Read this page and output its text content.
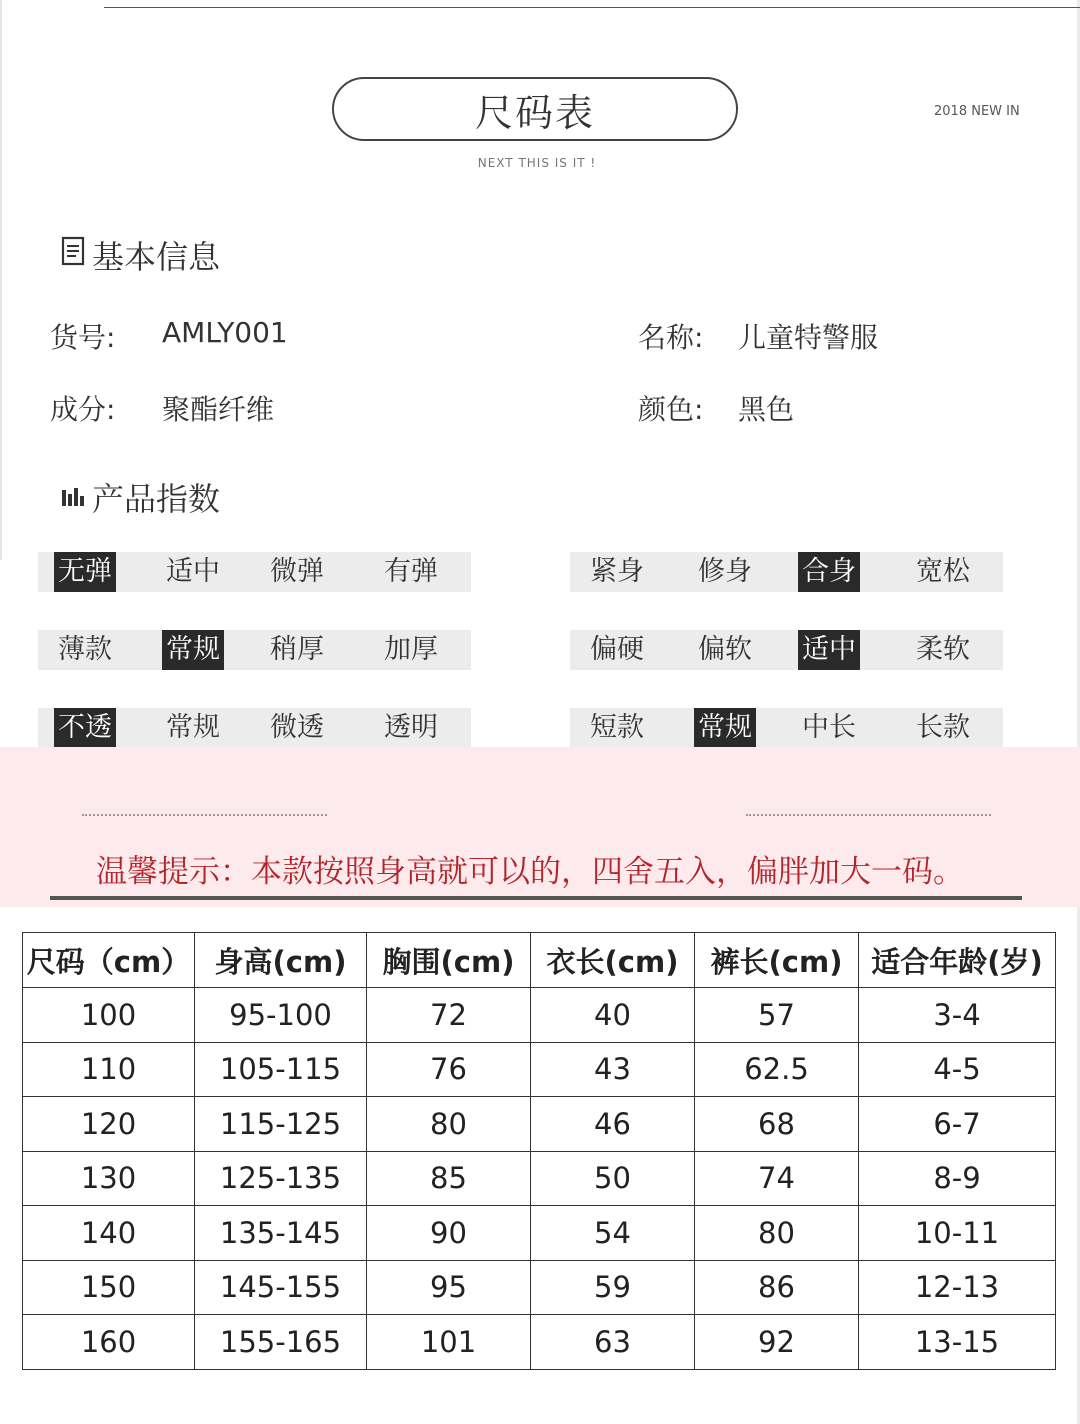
尺码表
NEXT THIS IS IT !
2018 NEW IN
基本信息
货号: AMLY001	名称: 儿童特警服
成分: 聚酯纤维	颜色: 黑色
产品指数
无弹 适中 微弹 有弹	紧身 修身 合身 宽松
薄款 常规 稍厚 加厚	偏硬 偏软 适中 柔软
不透 常规 微透 透明	短款 常规 中长 长款
温馨提示：本款按照身高就可以的，四舍五入，偏胖加大一码。
尺码（cm）	身高(cm)	胸围(cm)	衣长(cm)	裤长(cm)	适合年龄(岁)
100	95-100	72	40	57	3-4
110	105-115	76	43	62.5	4-5
120	115-125	80	46	68	6-7
130	125-135	85	50	74	8-9
140	135-145	90	54	80	10-11
150	145-155	95	59	86	12-13
160	155-165	101	63	92	13-15
